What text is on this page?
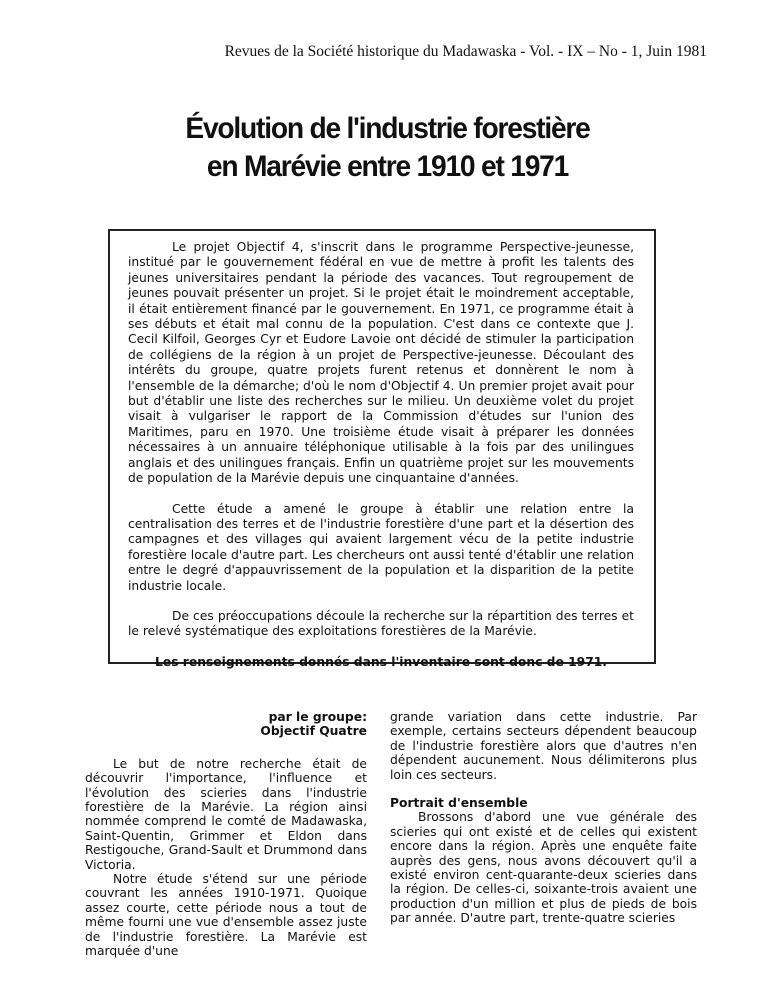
Revues de la Société historique du Madawaska - Vol. - IX – No - 1, Juin 1981
Évolution de l'industrie forestière
en Marévie entre 1910 et 1971

Le projet Objectif 4, s'inscrit dans le programme Perspective-jeunesse, institué par le gouvernement fédéral en vue de mettre à profit les talents des jeunes universitaires pendant la période des vacances. Tout regroupement de jeunes pouvait présenter un projet. Si le projet était le moindrement acceptable, il était entièrement financé par le gouvernement. En 1971, ce programme était à ses débuts et était mal connu de la population. C'est dans ce contexte que J. Cecil Kilfoil, Georges Cyr et Eudore Lavoie ont décidé de stimuler la participation de collégiens de la région à un projet de Perspective-jeunesse. Découlant des intérêts du groupe, quatre projets furent retenus et donnèrent le nom à l'ensemble de la démarche; d'où le nom d'Objectif 4. Un premier projet avait pour but d'établir une liste des recherches sur le milieu. Un deuxième volet du projet visait à vulgariser le rapport de la Commission d'études sur l'union des Maritimes, paru en 1970. Une troisième étude visait à préparer les données nécessaires à un annuaire téléphonique utilisable à la fois par des unilingues anglais et des unilingues français. Enfin un quatrième projet sur les mouvements de population de la Marévie depuis une cinquantaine d'années.

Cette étude a amené le groupe à établir une relation entre la centralisation des terres et de l'industrie forestière d'une part et la désertion des campagnes et des villages qui avaient largement vécu de la petite industrie forestière locale d'autre part. Les chercheurs ont aussi tenté d'établir une relation entre le degré d'appauvrissement de la population et la disparition de la petite industrie locale.

De ces préoccupations découle la recherche sur la répartition des terres et le relevé systématique des exploitations forestières de la Marévie.

Les renseignements donnés dans l'inventaire sont donc de 1971.

par le groupe:
Objectif Quatre

Le but de notre recherche était de découvrir l'importance, l'influence et l'évolution des scieries dans l'industrie forestière de la Marévie. La région ainsi nommée comprend le comté de Madawaska, Saint-Quentin, Grimmer et Eldon dans Restigouche, Grand-Sault et Drummond dans Victoria.

Notre étude s'étend sur une période couvrant les années 1910-1971. Quoique assez courte, cette période nous a tout de même fourni une vue d'ensemble assez juste de l'industrie forestière. La Marévie est marquée d'une

grande variation dans cette industrie. Par exemple, certains secteurs dépendent beaucoup de l'industrie forestière alors que d'autres n'en dépendent aucunement. Nous délimiterons plus loin ces secteurs.

Portrait d'ensemble

Brossons d'abord une vue générale des scieries qui ont existé et de celles qui existent encore dans la région. Après une enquête faite auprès des gens, nous avons découvert qu'il a existé environ cent-quarante-deux scieries dans la région. De celles-ci, soixante-trois avaient une production d'un million et plus de pieds de bois par année. D'autre part, trente-quatre scieries
